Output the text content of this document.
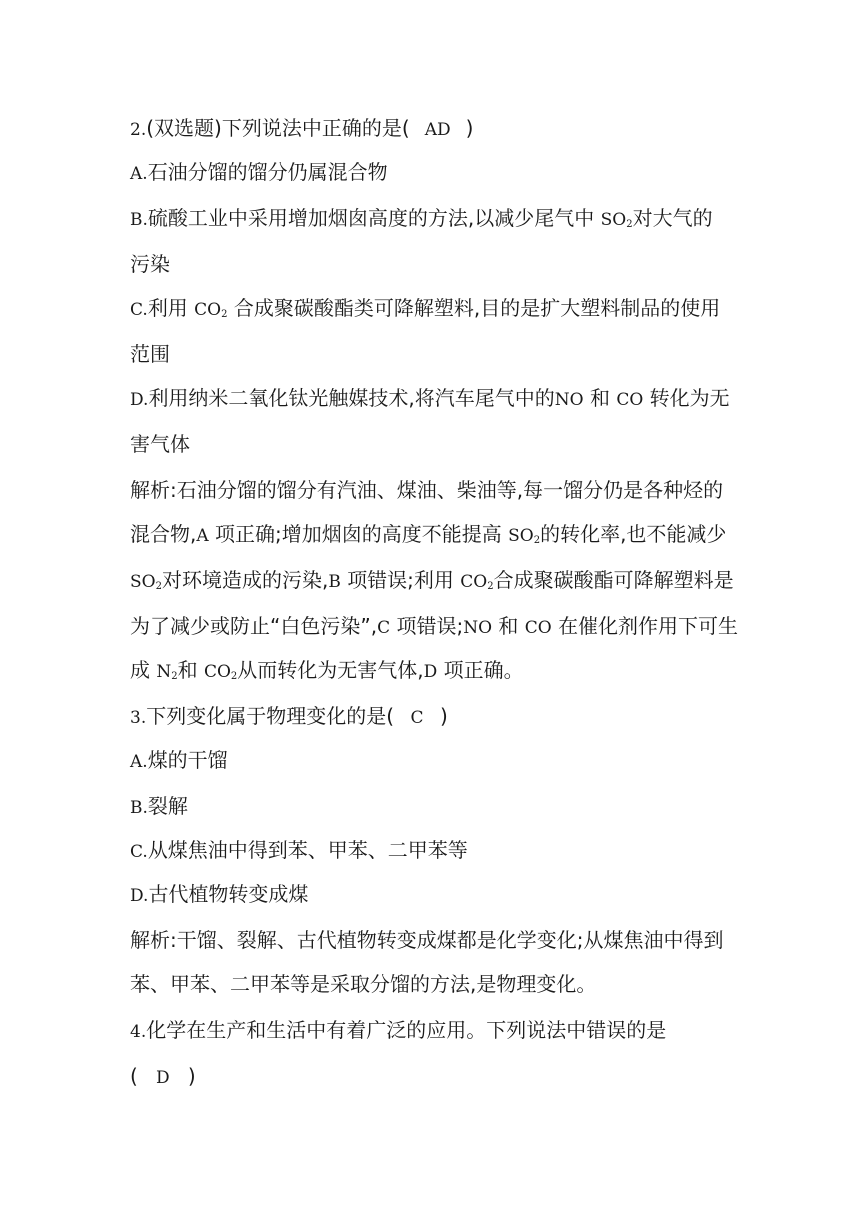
2.(双选题)下列说法中正确的是( AD )
A.石油分馏的馏分仍属混合物
B.硫酸工业中采用增加烟囱高度的方法,以减少尾气中 $SO_2$对大气的
污染
C.利用 $CO_2$ 合成聚碳酸酯类可降解塑料,目的是扩大塑料制品的使用
范围
D.利用纳米二氧化钛光触媒技术,将汽车尾气中的NO 和 CO 转化为无
害气体
解析:石油分馏的馏分有汽油、煤油、柴油等,每一馏分仍是各种烃的
混合物,A 项正确;增加烟囱的高度不能提高 $SO_2$的转化率,也不能减少
$SO_2$对环境造成的污染,B 项错误;利用 $CO_2$合成聚碳酸酯可降解塑料是
为了减少或防止“白色污染”,C 项错误;NO 和 CO 在催化剂作用下可生
成 $N_2$和 $CO_2$从而转化为无害气体,D 项正确。
3.下列变化属于物理变化的是( C )
A.煤的干馏
B.裂解
C.从煤焦油中得到苯、甲苯、二甲苯等
D.古代植物转变成煤
解析:干馏、裂解、古代植物转变成煤都是化学变化;从煤焦油中得到
苯、甲苯、二甲苯等是采取分馏的方法,是物理变化。
4.化学在生产和生活中有着广泛的应用。下列说法中错误的是
( D )
